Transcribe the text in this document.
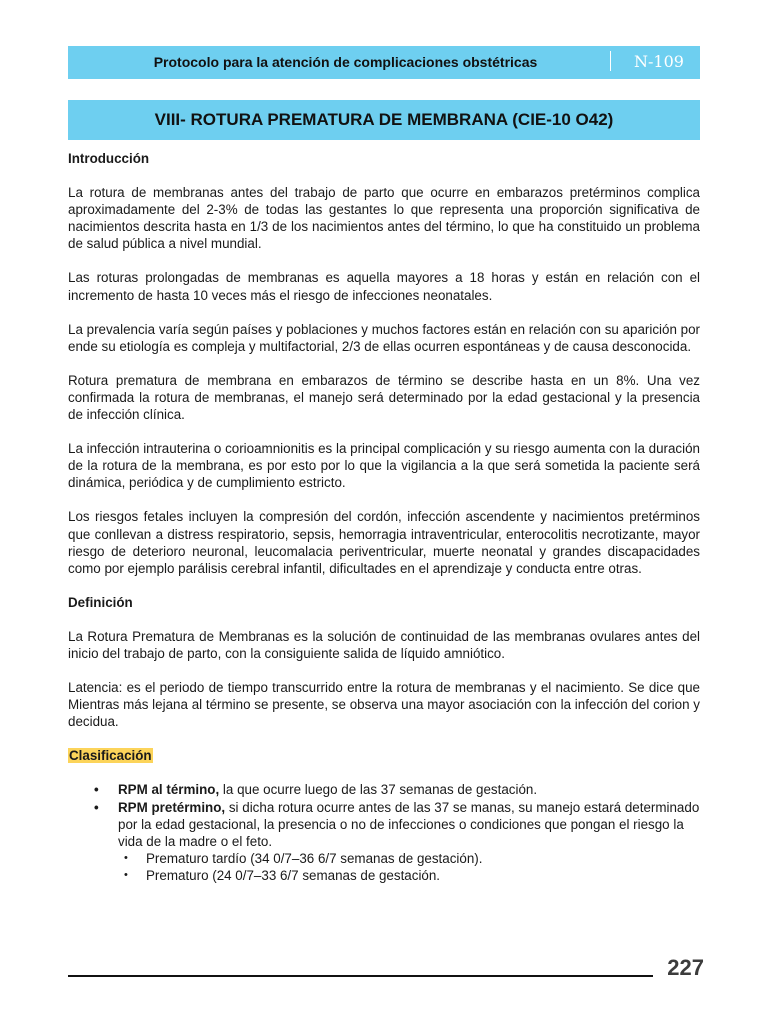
Protocolo para la atención de complicaciones obstétricas	N-109
VIII- ROTURA PREMATURA DE MEMBRANA (CIE-10 O42)
Introducción

La rotura de membranas antes del trabajo de parto que ocurre en embarazos pretérminos complica aproximadamente del 2-3% de todas las gestantes lo que representa una proporción significativa de nacimientos descrita hasta en 1/3 de los nacimientos antes del término, lo que ha constituido un problema de salud pública a nivel mundial.

Las roturas prolongadas de membranas es aquella mayores a 18 horas y están en relación con el incremento de hasta 10 veces más el riesgo de infecciones neonatales.

La prevalencia varía según países y poblaciones y muchos factores están en relación con su aparición por ende su etiología es compleja y multifactorial, 2/3 de ellas ocurren espontáneas y de causa desconocida.

Rotura prematura de membrana en embarazos de término se describe hasta en un 8%. Una vez confirmada la rotura de membranas, el manejo será determinado por la edad gestacional y la presencia de infección clínica.

La infección intrauterina o corioamnionitis es la principal complicación y su riesgo aumenta con la duración de la rotura de la membrana, es por esto por lo que la vigilancia a la que será sometida la paciente será dinámica, periódica y de cumplimiento estricto.

Los riesgos fetales incluyen la compresión del cordón, infección ascendente y nacimientos pretérminos que conllevan a distress respiratorio, sepsis, hemorragia intraventricular, enterocolitis necrotizante, mayor riesgo de deterioro neuronal, leucomalacia periventricular, muerte neonatal y grandes discapacidades como por ejemplo parálisis cerebral infantil, dificultades en el aprendizaje y conducta entre otras.

Definición

La Rotura Prematura de Membranas es la solución de continuidad de las membranas ovulares antes del inicio del trabajo de parto, con la consiguiente salida de líquido amniótico.

Latencia: es el periodo de tiempo transcurrido entre la rotura de membranas y el nacimiento. Se dice que Mientras más lejana al término se presente, se observa una mayor asociación con la infección del corion y decidua.

Clasificación
• RPM al término, la que ocurre luego de las 37 semanas de gestación.
• RPM pretérmino, si dicha rotura ocurre antes de las 37 se manas, su manejo estará determinado por la edad gestacional, la presencia o no de infecciones o condiciones que pongan el riesgo la vida de la madre o el feto.
• Prematuro tardío (34 0/7–36 6/7 semanas de gestación).
• Prematuro (24 0/7–33 6/7 semanas de gestación.
227
